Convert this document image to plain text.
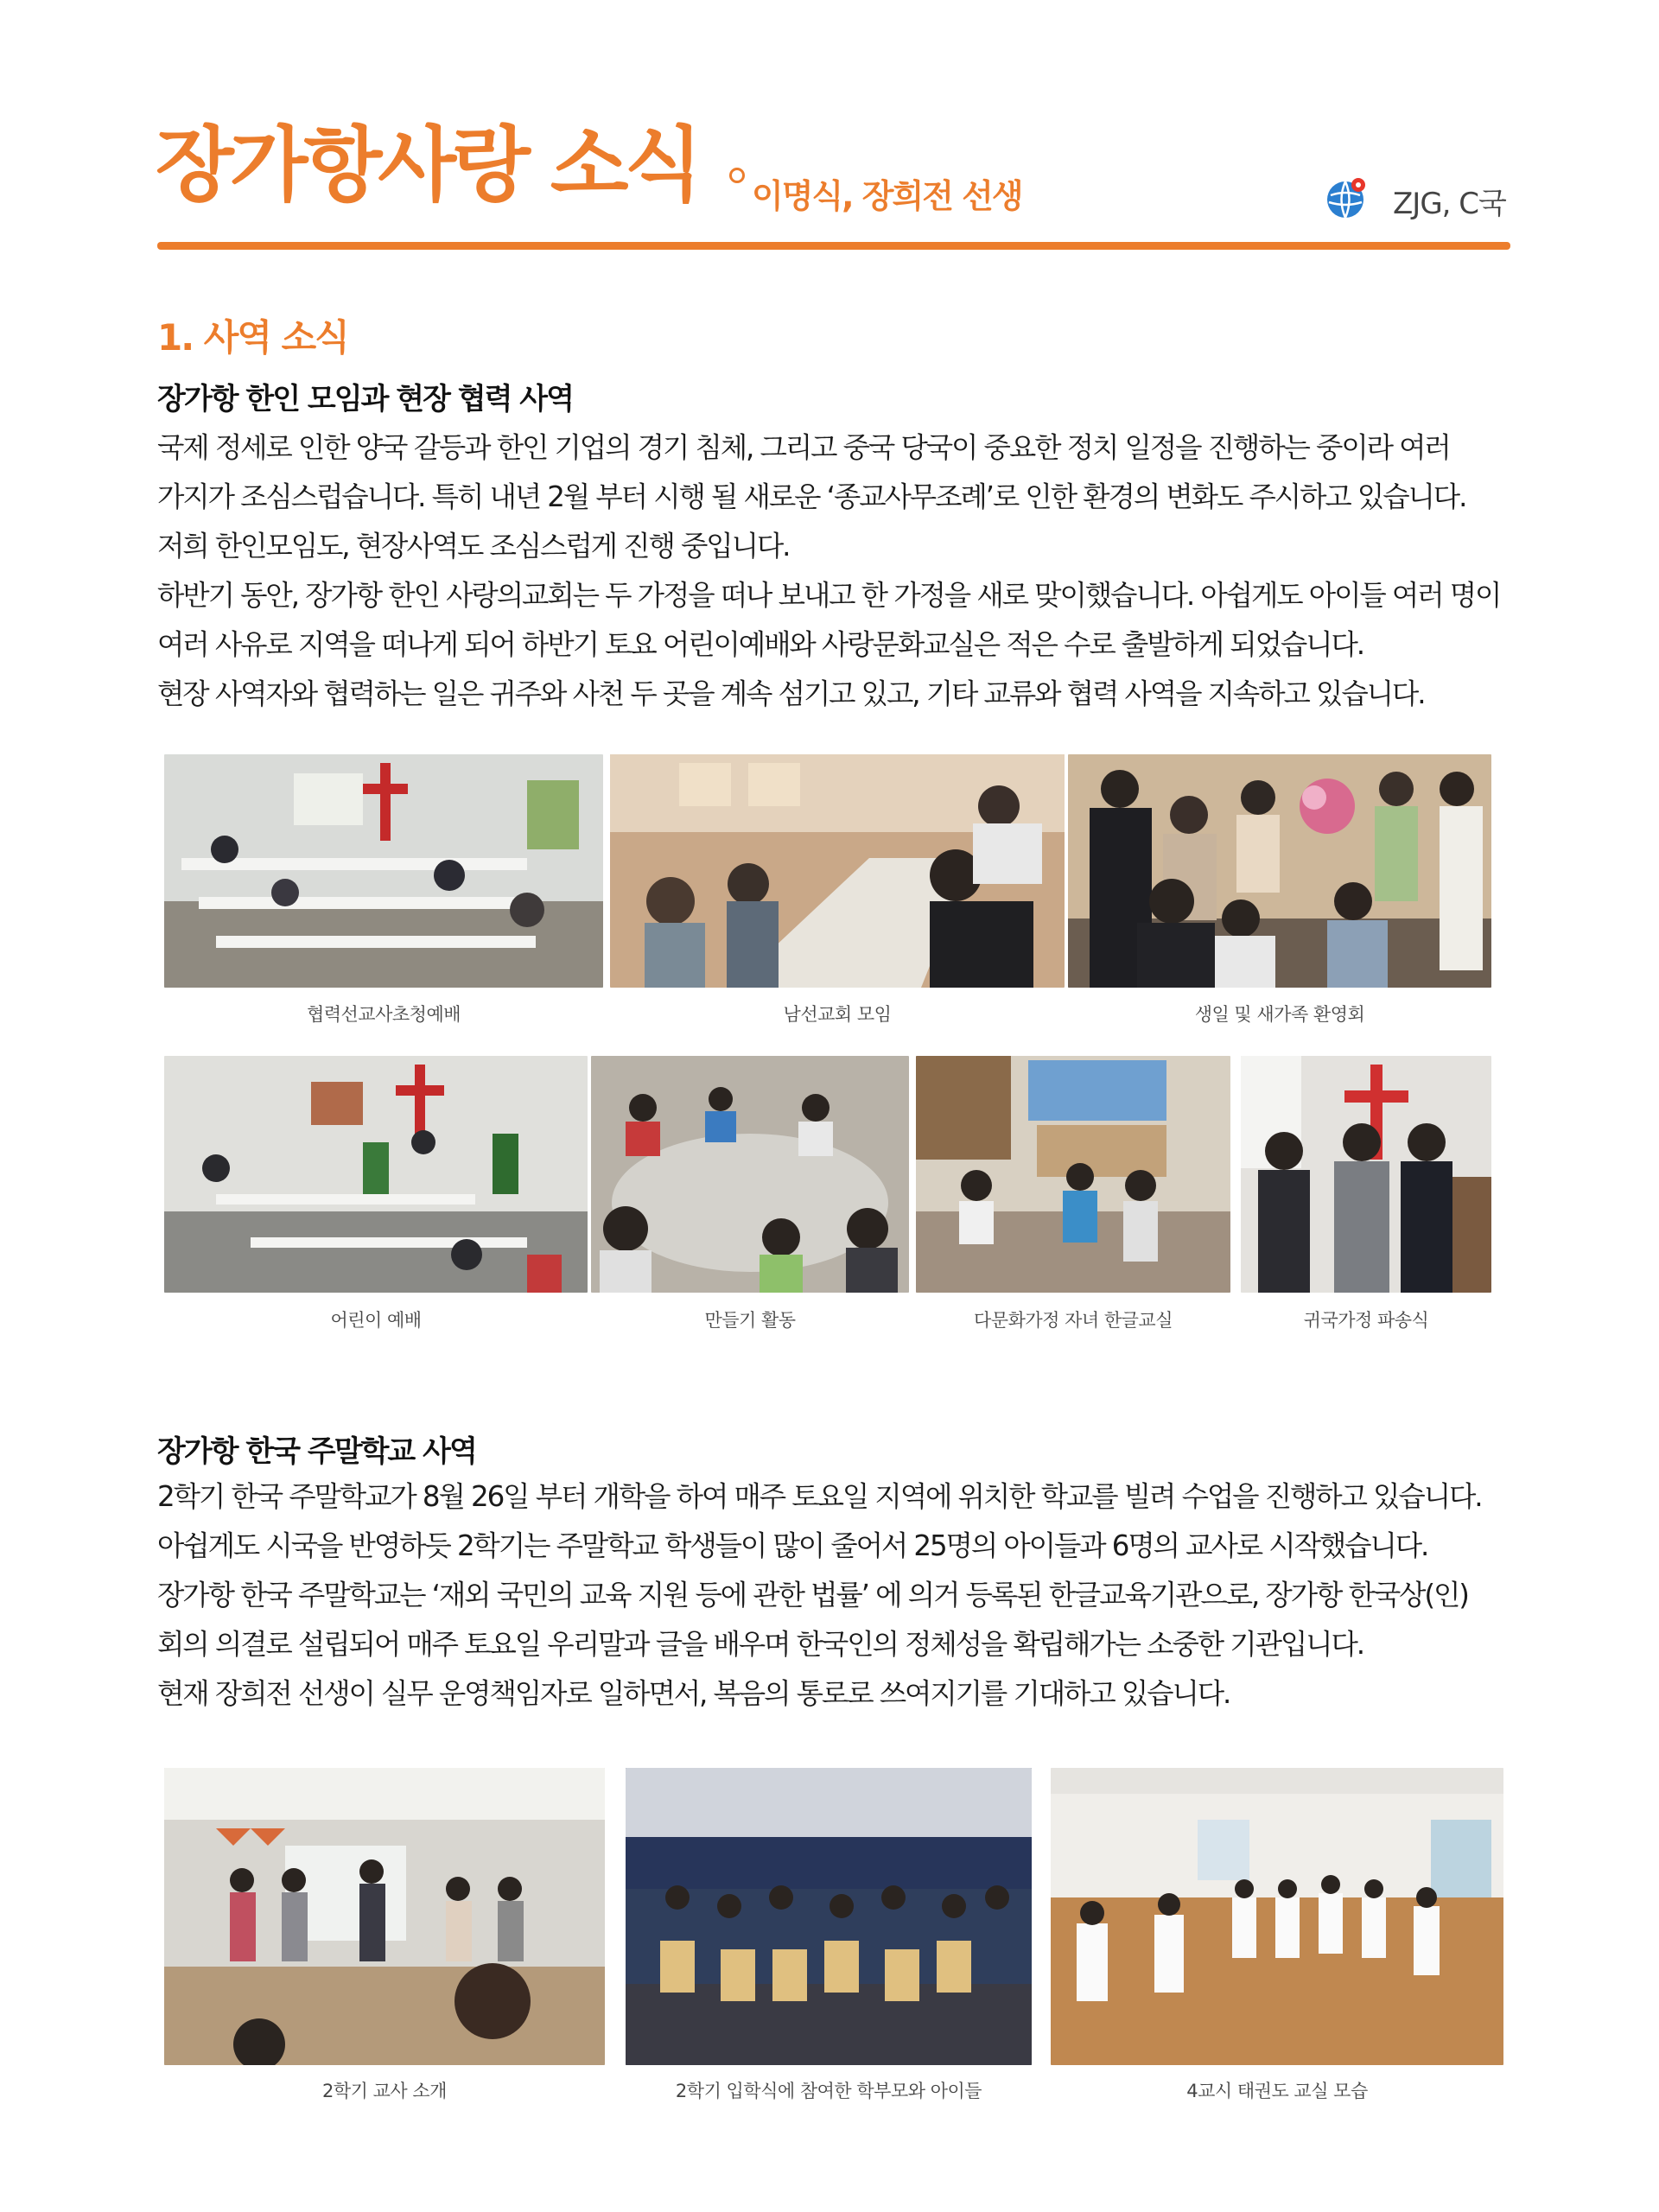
장가항사랑 소식 이명식, 장희전 선생	ZJG, C국
1. 사역 소식
장가항 한인 모임과 현장 협력 사역

국제 정세로 인한 양국 갈등과 한인 기업의 경기 침체, 그리고 중국 당국이 중요한 정치 일정을 진행하는 중이라 여러 가지가 조심스럽습니다. 특히 내년 2월 부터 시행 될 새로운 ‘종교사무조례’로 인한 환경의 변화도 주시하고 있습니다. 저희 한인모임도, 현장사역도 조심스럽게 진행 중입니다.

하반기 동안, 장가항 한인 사랑의교회는 두 가정을 떠나 보내고 한 가정을 새로 맞이했습니다. 아쉽게도 아이들 여러 명이 여러 사유로 지역을 떠나게 되어 하반기 토요 어린이예배와 사랑문화교실은 적은 수로 출발하게 되었습니다.

현장 사역자와 협력하는 일은 귀주와 사천 두 곳을 계속 섬기고 있고, 기타 교류와 협력 사역을 지속하고 있습니다.

협력선교사초청예배	남선교회 모임	생일 및 새가족 환영회
어린이 예배	만들기 활동	다문화가정 자녀 한글교실	귀국가정 파송식
장가항 한국 주말학교 사역

2학기 한국 주말학교가 8월 26일 부터 개학을 하여 매주 토요일 지역에 위치한 학교를 빌려 수업을 진행하고 있습니다. 아쉽게도 시국을 반영하듯 2학기는 주말학교 학생들이 많이 줄어서 25명의 아이들과 6명의 교사로 시작했습니다. 장가항 한국 주말학교는 ‘재외 국민의 교육 지원 등에 관한 법률’ 에 의거 등록된 한글교육기관으로, 장가항 한국상(인)회의 의결로 설립되어 매주 토요일 우리말과 글을 배우며 한국인의 정체성을 확립해가는 소중한 기관입니다.

현재 장희전 선생이 실무 운영책임자로 일하면서, 복음의 통로로 쓰여지기를 기대하고 있습니다.

2학기 교사 소개	2학기 입학식에 참여한 학부모와 아이들	4교시 태권도 교실 모습
